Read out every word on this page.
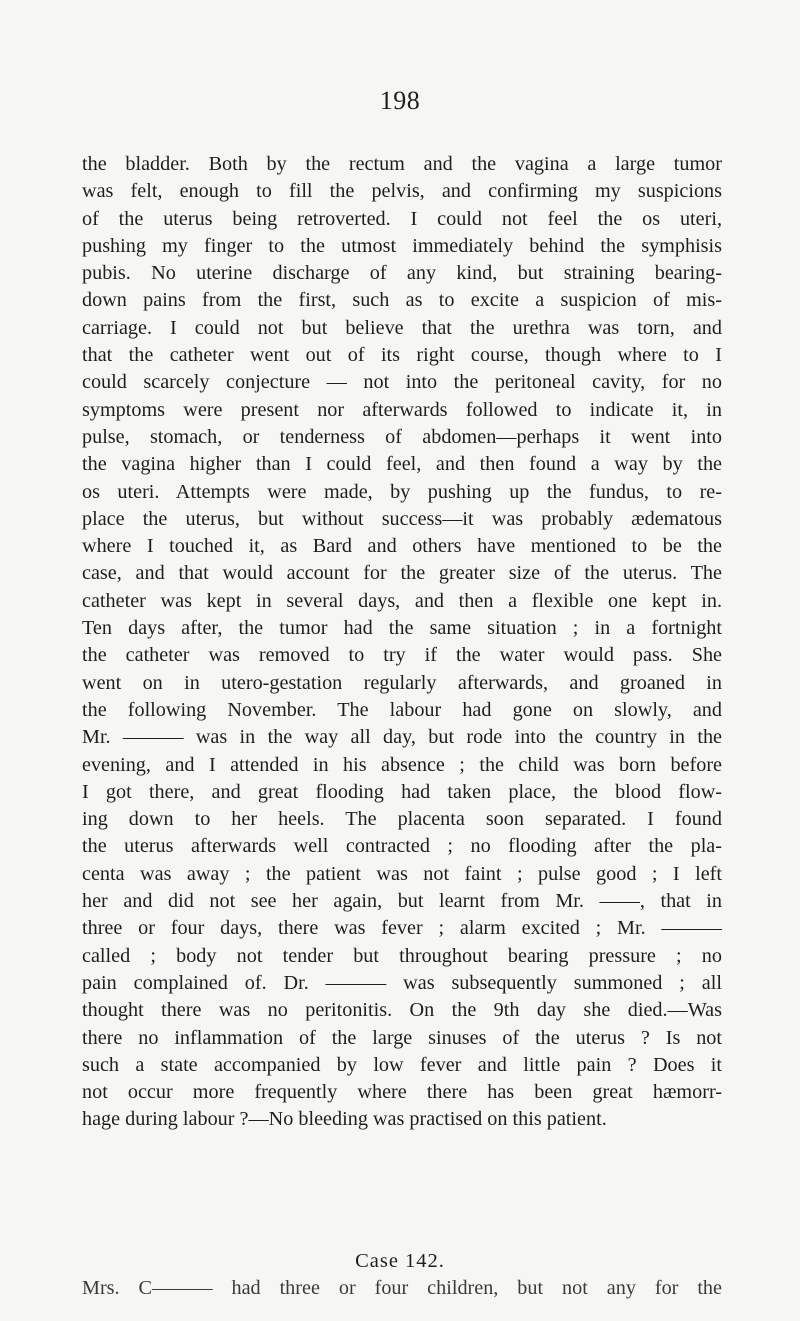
198
the bladder. Both by the rectum and the vagina a large tumor
was felt, enough to fill the pelvis, and confirming my suspicions
of the uterus being retroverted. I could not feel the os uteri,
pushing my finger to the utmost immediately behind the symphisis
pubis. No uterine discharge of any kind, but straining bearing-
down pains from the first, such as to excite a suspicion of mis-
carriage. I could not but believe that the urethra was torn, and
that the catheter went out of its right course, though where to I
could scarcely conjecture — not into the peritoneal cavity, for no
symptoms were present nor afterwards followed to indicate it, in
pulse, stomach, or tenderness of abdomen—perhaps it went into
the vagina higher than I could feel, and then found a way by the
os uteri. Attempts were made, by pushing up the fundus, to re-
place the uterus, but without success—it was probably ædematous
where I touched it, as Bard and others have mentioned to be the
case, and that would account for the greater size of the uterus. The
catheter was kept in several days, and then a flexible one kept in.
Ten days after, the tumor had the same situation ; in a fortnight
the catheter was removed to try if the water would pass. She
went on in utero-gestation regularly afterwards, and groaned in
the following November. The labour had gone on slowly, and
Mr. ——— was in the way all day, but rode into the country in the
evening, and I attended in his absence ; the child was born before
I got there, and great flooding had taken place, the blood flow-
ing down to her heels. The placenta soon separated. I found
the uterus afterwards well contracted ; no flooding after the pla-
centa was away ; the patient was not faint ; pulse good ; I left
her and did not see her again, but learnt from Mr. ——, that in
three or four days, there was fever ; alarm excited ; Mr. ———
called ; body not tender but throughout bearing pressure ; no
pain complained of. Dr. ——— was subsequently summoned ; all
thought there was no peritonitis. On the 9th day she died.—Was
there no inflammation of the large sinuses of the uterus ? Is not
such a state accompanied by low fever and little pain ? Does it
not occur more frequently where there has been great hæmorr-
hage during labour ?—No bleeding was practised on this patient.
Case 142.
Mrs. C——— had three or four children, but not any for the
